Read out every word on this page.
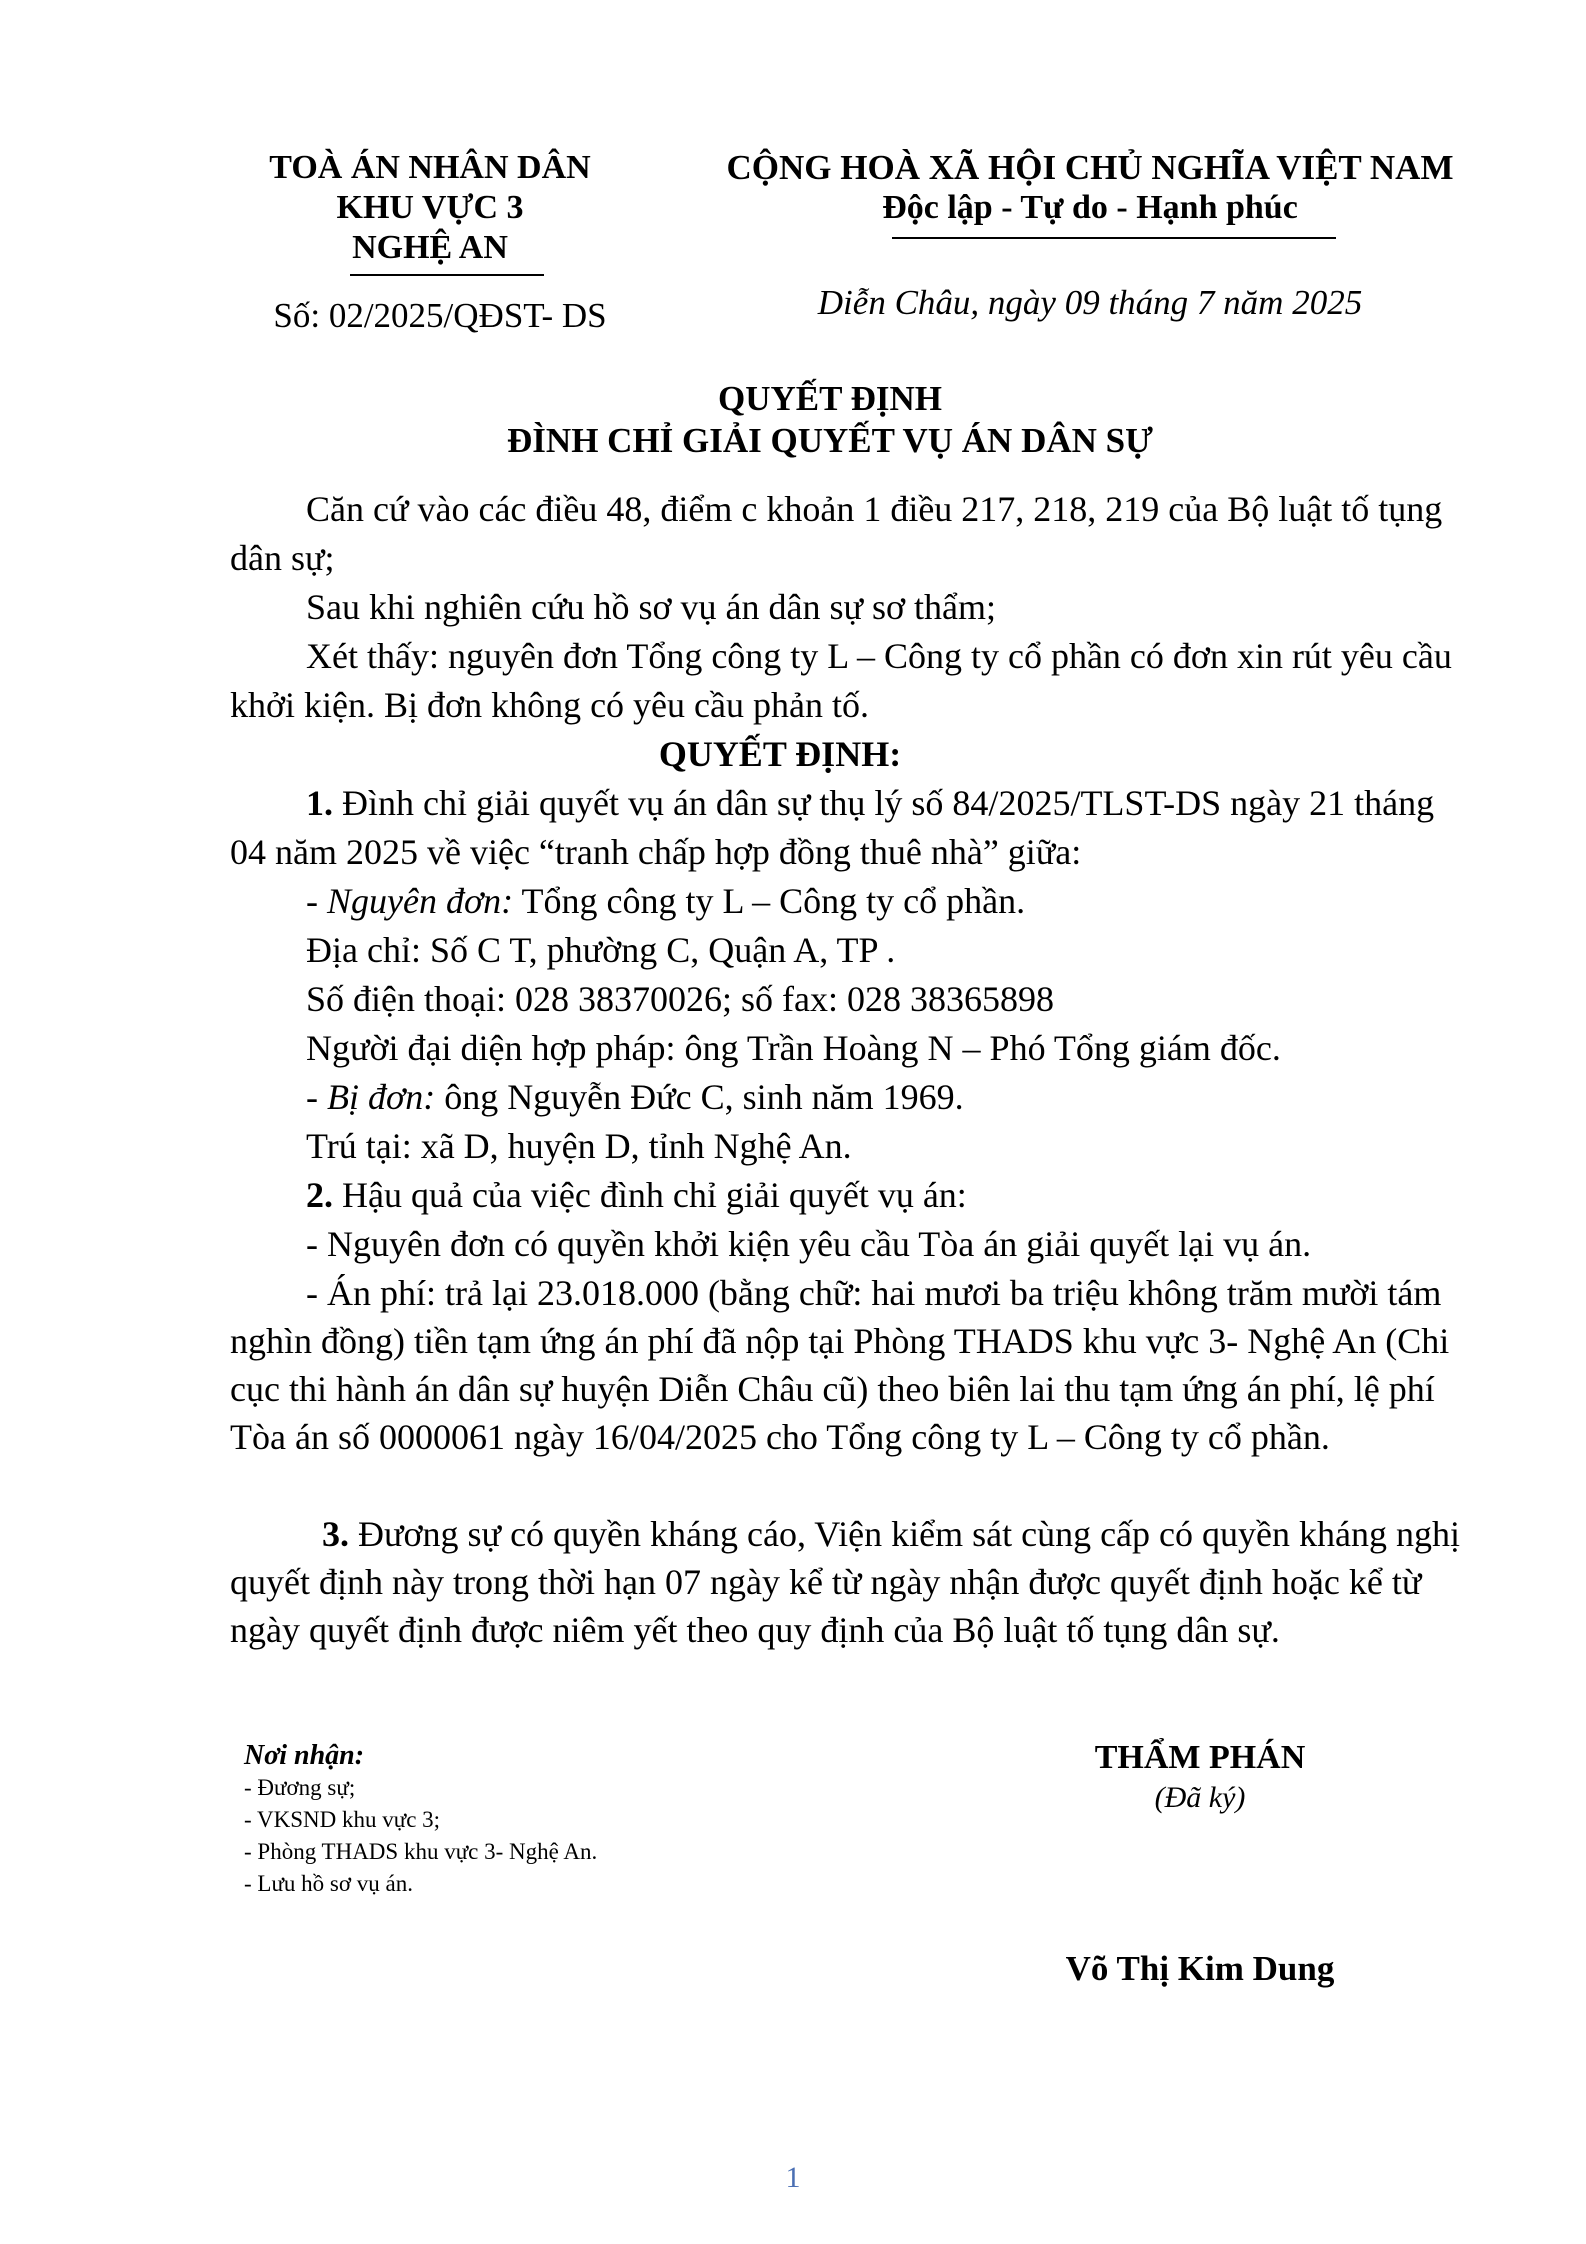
TOÀ ÁN NHÂN DÂN
KHU VỰC 3
NGHỆ AN
Số: 02/2025/QĐST- DS
CỘNG HOÀ XÃ HỘI CHỦ NGHĨA VIỆT NAM
Độc lập - Tự do - Hạnh phúc
Diễn Châu, ngày 09 tháng 7 năm 2025
QUYẾT ĐỊNH
ĐÌNH CHỈ GIẢI QUYẾT VỤ ÁN DÂN SỰ
Căn cứ vào các điều 48, điểm c khoản 1 điều 217, 218, 219 của Bộ luật tố tụng dân sự;
Sau khi nghiên cứu hồ sơ vụ án dân sự sơ thẩm;
Xét thấy: nguyên đơn Tổng công ty L – Công ty cổ phần có đơn xin rút yêu cầu khởi kiện. Bị đơn không có yêu cầu phản tố.
QUYẾT ĐỊNH:
1. Đình chỉ giải quyết vụ án dân sự thụ lý số 84/2025/TLST-DS ngày 21 tháng 04 năm 2025 về việc “tranh chấp hợp đồng thuê nhà” giữa:
- Nguyên đơn: Tổng công ty L – Công ty cổ phần.
Địa chỉ: Số C T, phường C, Quận A, TP .
Số điện thoại: 028 38370026; số fax: 028 38365898
Người đại diện hợp pháp: ông Trần Hoàng N – Phó Tổng giám đốc.
- Bị đơn: ông Nguyễn Đức C, sinh năm 1969.
Trú tại: xã D, huyện D, tỉnh Nghệ An.
2. Hậu quả của việc đình chỉ giải quyết vụ án:
- Nguyên đơn có quyền khởi kiện yêu cầu Tòa án giải quyết lại vụ án.
- Án phí: trả lại 23.018.000 (bằng chữ: hai mươi ba triệu không trăm mười tám nghìn đồng) tiền tạm ứng án phí đã nộp tại Phòng THADS khu vực 3- Nghệ An (Chi cục thi hành án dân sự huyện Diễn Châu cũ) theo biên lai thu tạm ứng án phí, lệ phí Tòa án số 0000061 ngày 16/04/2025 cho Tổng công ty L – Công ty cổ phần.
3. Đương sự có quyền kháng cáo, Viện kiểm sát cùng cấp có quyền kháng nghị quyết định này trong thời hạn 07 ngày kể từ ngày nhận được quyết định hoặc kể từ ngày quyết định được niêm yết theo quy định của Bộ luật tố tụng dân sự.
Nơi nhận:
- Đương sự;
- VKSND khu vực 3;
- Phòng THADS khu vực 3- Nghệ An.
- Lưu hồ sơ vụ án.
THẨM PHÁN
(Đã ký)
Võ Thị Kim Dung
1
